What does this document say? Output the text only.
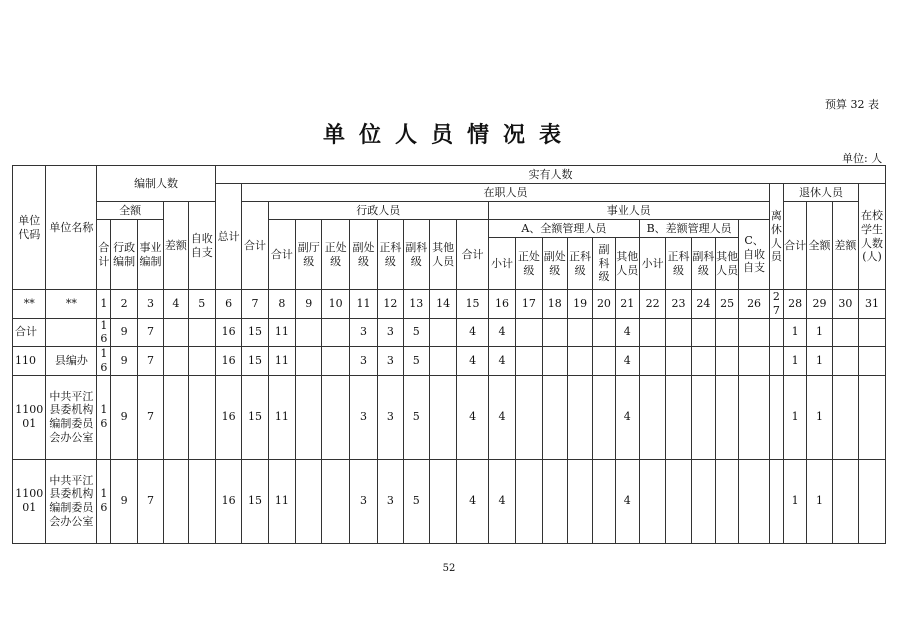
预算 32 表
单位人员情况表
单位: 人
单位代码	单位名称	编制人数					实有人数																									
							总计	在职人员																				离休人员	退休人员			在校学生人数(人)
		全额			差额	自收自支		合计	行政人员								事业人员												合计	全额	差额	
		合计	行政编制	事业编制					合计	副厅级	正处级	副处级	正科级	副科级	其他人员	合计	A、全额管理人员						B、差额管理人员				C、自收自支					
																	小计	正处级	副处级	正科级	副科级	其他人员	小计	正科级	副科级	其他人员						
**	**	1	2	3	4	5	6	7	8	9	10	11	12	13	14	15	16	17	18	19	20	21	22	23	24	25	26	27	28	29	30	31
合计		16	9	7			16	15	11			3	3	5		4	4					4							1	1		
110	县编办	16	9	7			16	15	11			3	3	5		4	4					4							1	1		
110001	中共平江县委机构编制委员会办公室	16	9	7			16	15	11			3	3	5		4	4					4							1	1		
110001	中共平江县委机构编制委员会办公室	16	9	7			16	15	11			3	3	5		4	4					4							1	1		
52
